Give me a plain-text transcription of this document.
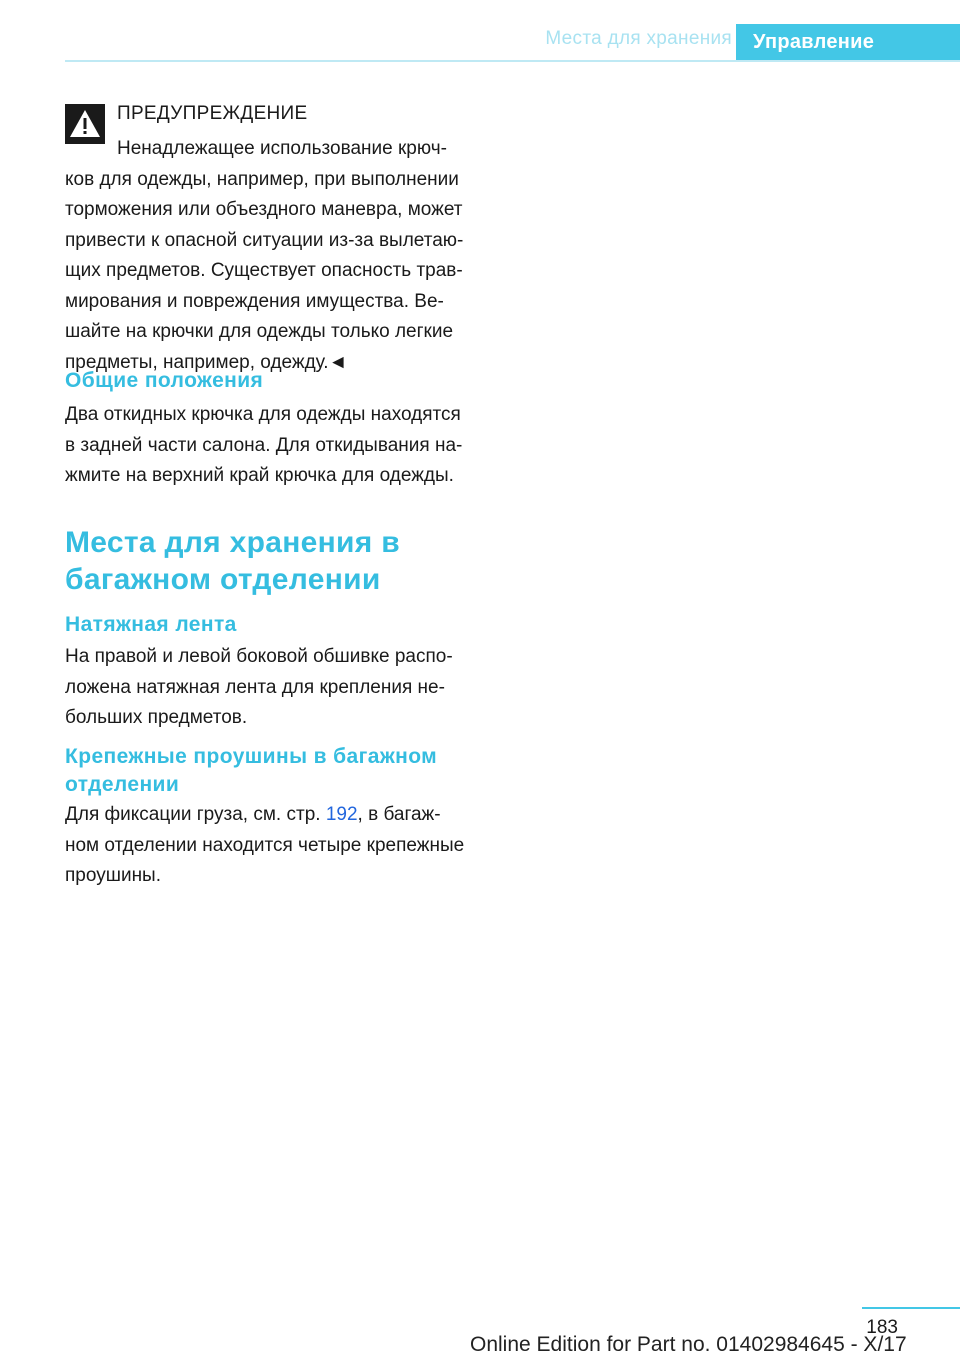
Места для хранения	Управление
ПРЕДУПРЕЖДЕНИЕ
Ненадлежащее использование крюч-
ков для одежды, например, при выполнении
торможения или объездного маневра, может
привести к опасной ситуации из-за вылетаю-
щих предметов. Существует опасность трав-
мирования и повреждения имущества. Ве-
шайте на крючки для одежды только легкие
предметы, например, одежду.◄
Общие положения
Два откидных крючка для одежды находятся
в задней части салона. Для откидывания на-
жмите на верхний край крючка для одежды.
Места для хранения в
багажном отделении
Натяжная лента
На правой и левой боковой обшивке распо-
ложена натяжная лента для крепления не-
больших предметов.
Крепежные проушины в багажном
отделении
Для фиксации груза, см. стр. 192, в багаж-
ном отделении находится четыре крепежные
проушины.
183
Online Edition for Part no. 01402984645 - X/17
